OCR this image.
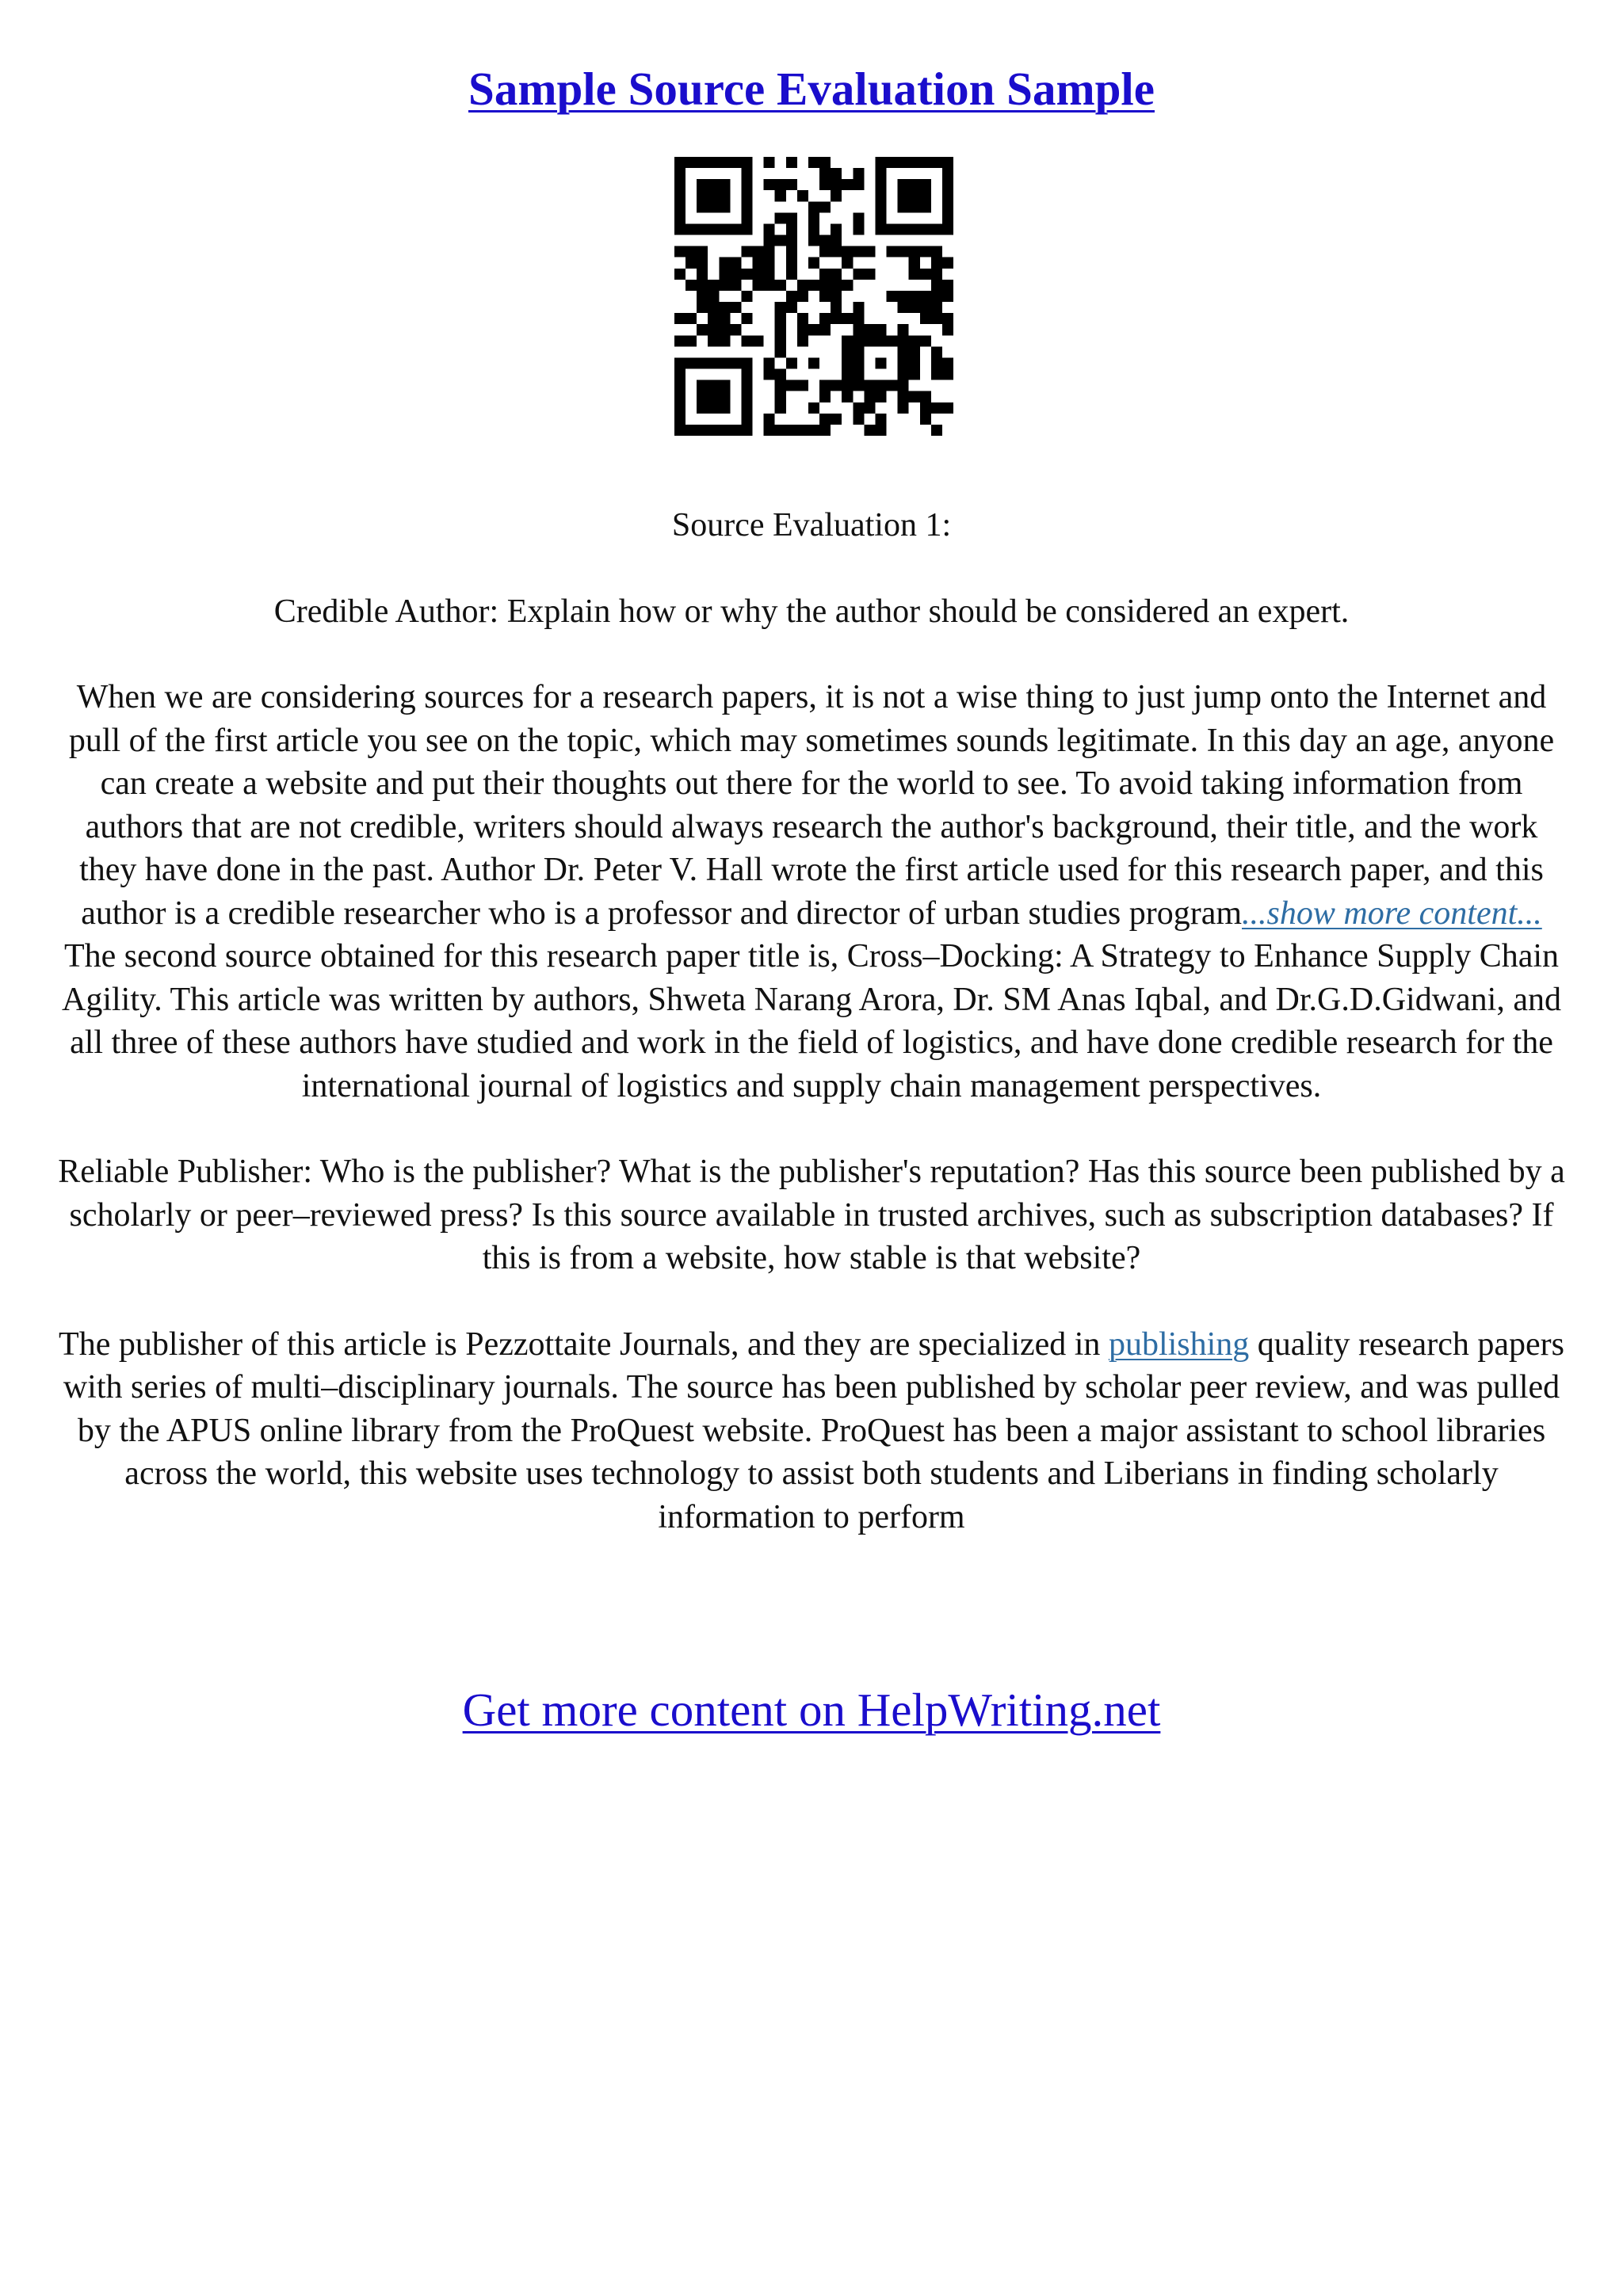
Sample Source Evaluation Sample

Source Evaluation 1:

Credible Author: Explain how or why the author should be considered an expert.

When we are considering sources for a research papers, it is not a wise thing to just jump onto the Internet and pull of the first article you see on the topic, which may sometimes sounds legitimate. In this day an age, anyone can create a website and put their thoughts out there for the world to see. To avoid taking information from authors that are not credible, writers should always research the author's background, their title, and the work they have done in the past. Author Dr. Peter V. Hall wrote the first article used for this research paper, and this author is a credible researcher who is a professor and director of urban studies program...show more content...

The second source obtained for this research paper title is, Cross–Docking: A Strategy to Enhance Supply Chain Agility. This article was written by authors, Shweta Narang Arora, Dr. SM Anas Iqbal, and Dr.G.D.Gidwani, and all three of these authors have studied and work in the field of logistics, and have done credible research for the international journal of logistics and supply chain management perspectives.

Reliable Publisher: Who is the publisher? What is the publisher's reputation? Has this source been published by a scholarly or peer–reviewed press? Is this source available in trusted archives, such as subscription databases? If this is from a website, how stable is that website?

The publisher of this article is Pezzottaite Journals, and they are specialized in publishing quality research papers with series of multi–disciplinary journals. The source has been published by scholar peer review, and was pulled by the APUS online library from the ProQuest website. ProQuest has been a major assistant to school libraries across the world, this website uses technology to assist both students and Liberians in finding scholarly information to perform

Get more content on HelpWriting.net
